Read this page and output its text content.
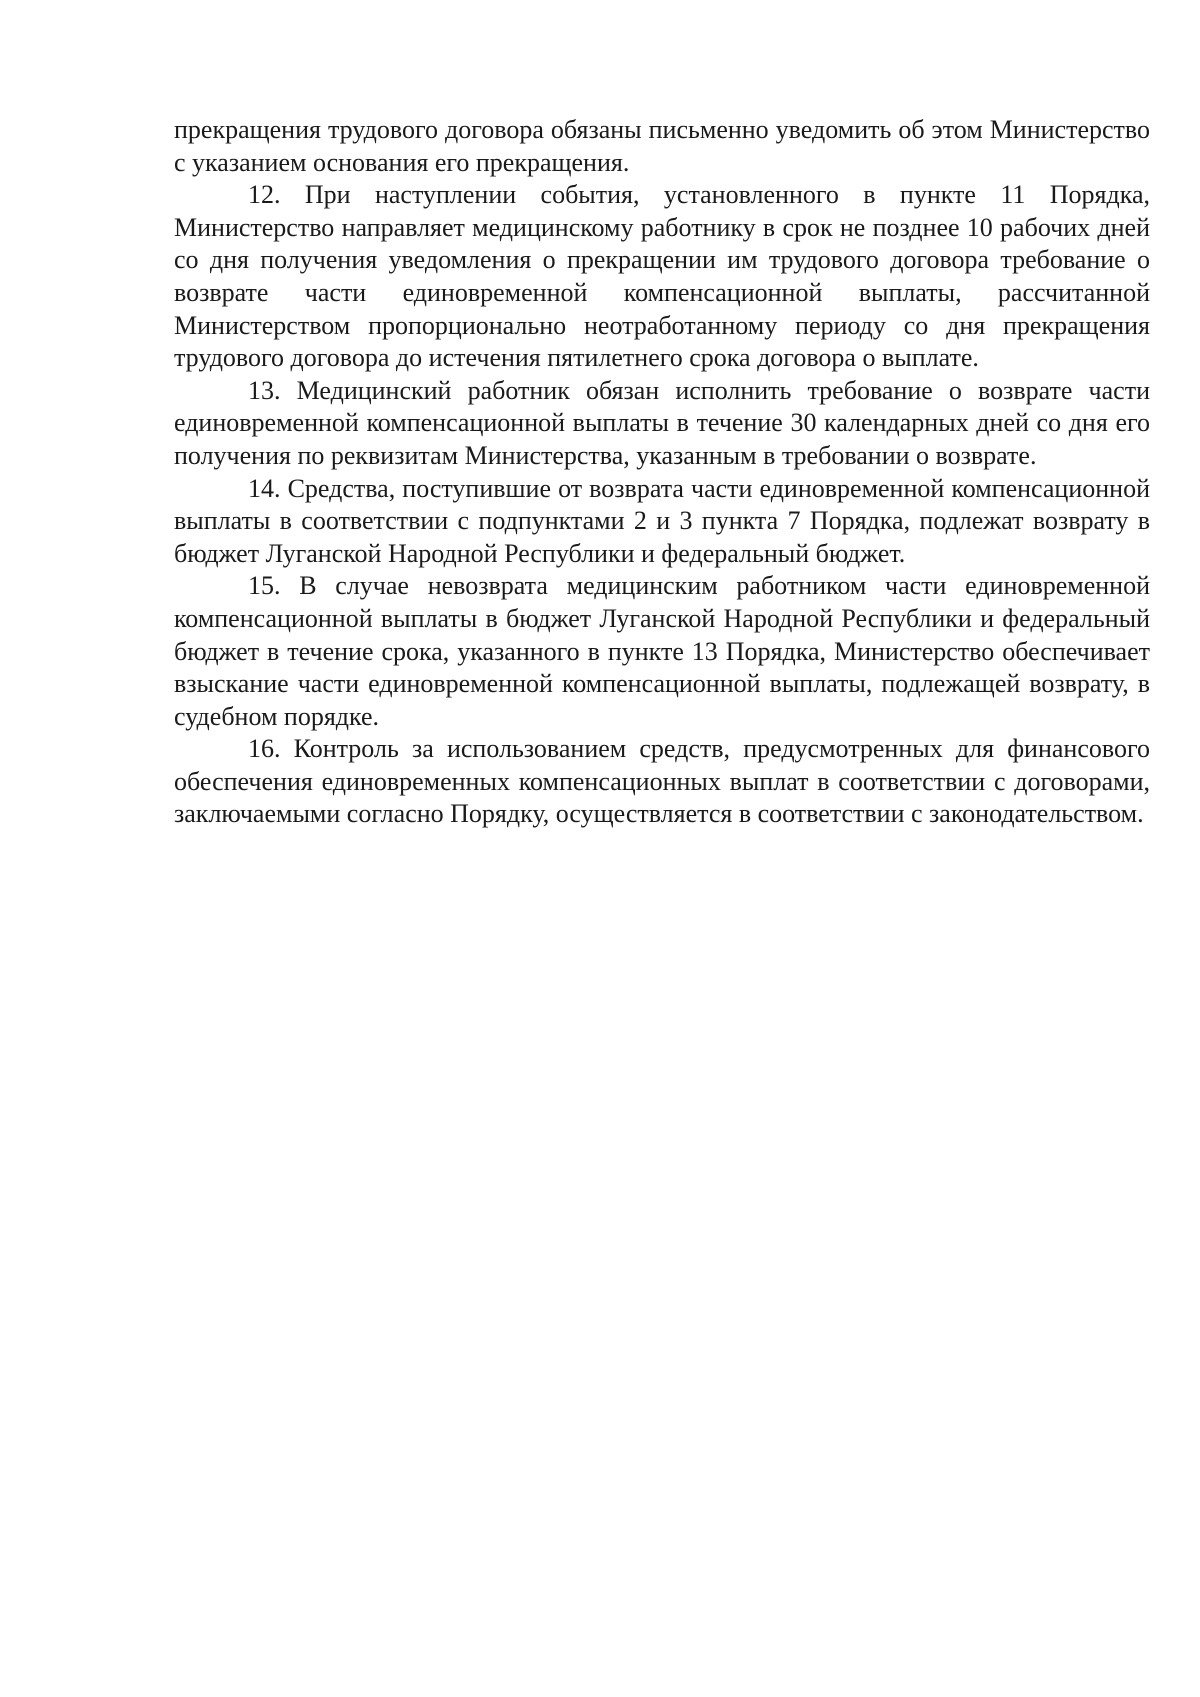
прекращения трудового договора обязаны письменно уведомить об этом Министерство с указанием основания его прекращения.

12. При наступлении события, установленного в пункте 11 Порядка, Министерство направляет медицинскому работнику в срок не позднее 10 рабочих дней со дня получения уведомления о прекращении им трудового договора требование о возврате части единовременной компенсационной выплаты, рассчитанной Министерством пропорционально неотработанному периоду со дня прекращения трудового договора до истечения пятилетнего срока договора о выплате.

13. Медицинский работник обязан исполнить требование о возврате части единовременной компенсационной выплаты в течение 30 календарных дней со дня его получения по реквизитам Министерства, указанным в требовании о возврате.

14. Средства, поступившие от возврата части единовременной компенсационной выплаты в соответствии с подпунктами 2 и 3 пункта 7 Порядка, подлежат возврату в бюджет Луганской Народной Республики и федеральный бюджет.

15. В случае невозврата медицинским работником части единовременной компенсационной выплаты в бюджет Луганской Народной Республики и федеральный бюджет в течение срока, указанного в пункте 13 Порядка, Министерство обеспечивает взыскание части единовременной компенсационной выплаты, подлежащей возврату, в судебном порядке.

16. Контроль за использованием средств, предусмотренных для финансового обеспечения единовременных компенсационных выплат в соответствии с договорами, заключаемыми согласно Порядку, осуществляется в соответствии с законодательством.
